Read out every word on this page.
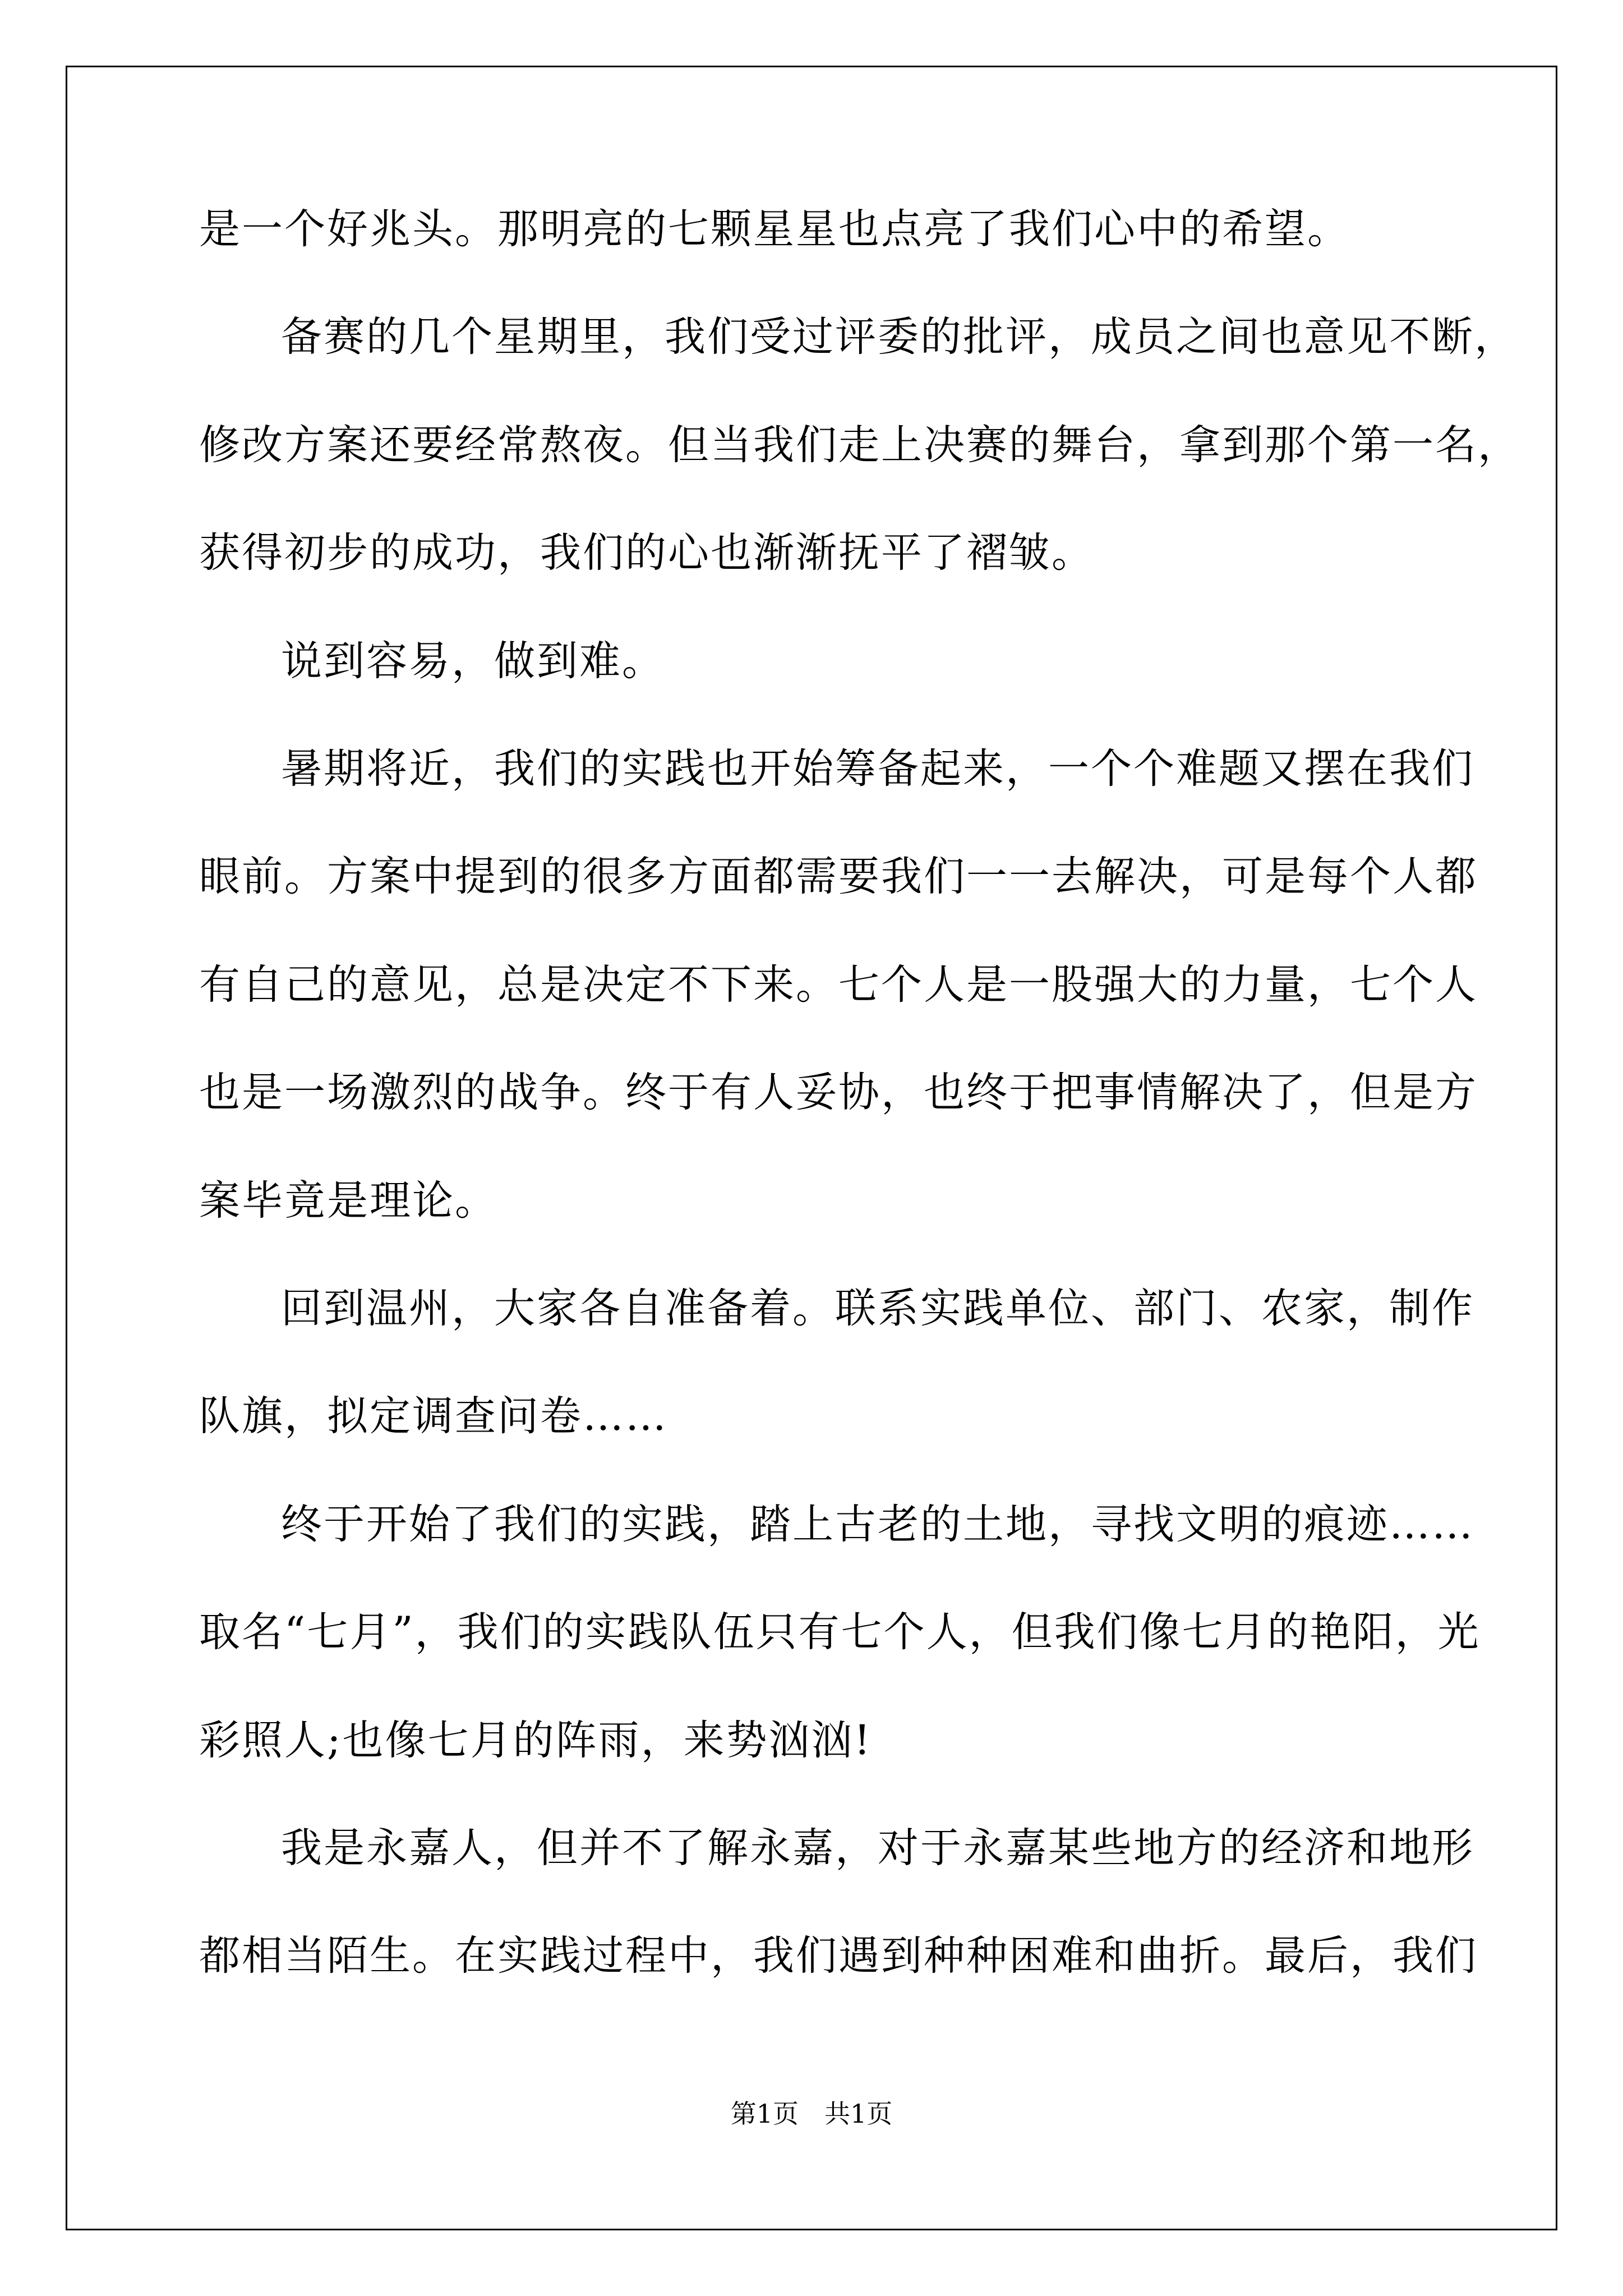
是一个好兆头。那明亮的七颗星星也点亮了我们心中的希望。
备赛的几个星期里，我们受过评委的批评，成员之间也意见不断，
修改方案还要经常熬夜。但当我们走上决赛的舞台，拿到那个第一名，
获得初步的成功，我们的心也渐渐抚平了褶皱。
说到容易，做到难。
暑期将近，我们的实践也开始筹备起来，一个个难题又摆在我们
眼前。方案中提到的很多方面都需要我们一一去解决，可是每个人都
有自己的意见，总是决定不下来。七个人是一股强大的力量，七个人
也是一场激烈的战争。终于有人妥协，也终于把事情解决了，但是方
案毕竟是理论。
回到温州，大家各自准备着。联系实践单位、部门、农家，制作
队旗，拟定调查问卷……
终于开始了我们的实践，踏上古老的土地，寻找文明的痕迹……
取名“七月”，我们的实践队伍只有七个人，但我们像七月的艳阳，光
彩照人;也像七月的阵雨，来势汹汹!
我是永嘉人，但并不了解永嘉，对于永嘉某些地方的经济和地形
都相当陌生。在实践过程中，我们遇到种种困难和曲折。最后，我们
第1页　共1页
